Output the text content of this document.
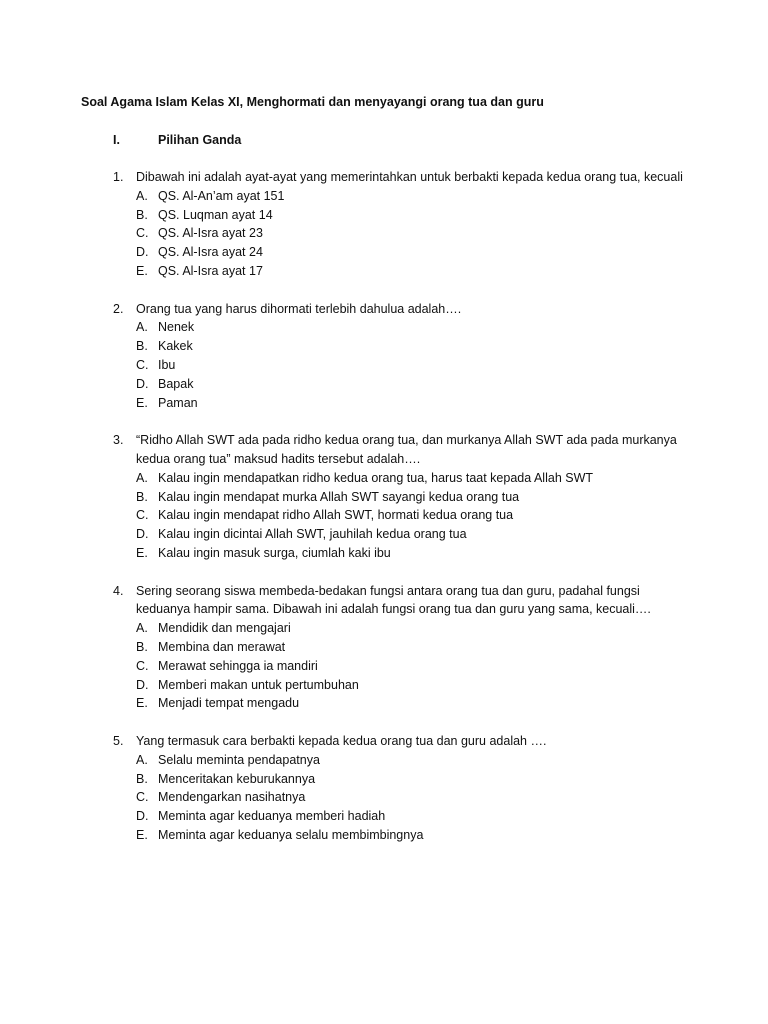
Soal Agama Islam Kelas XI, Menghormati dan menyayangi orang tua dan guru
I.	Pilihan Ganda
1.	Dibawah ini adalah ayat-ayat yang memerintahkan untuk berbakti kepada kedua orang tua, kecuali
A. QS. Al-An’am ayat 151
B. QS. Luqman ayat 14
C. QS. Al-Isra ayat 23
D. QS. Al-Isra ayat 24
E. QS. Al-Isra ayat 17
2.	Orang tua yang harus dihormati terlebih dahulua adalah….
A. Nenek
B. Kakek
C. Ibu
D. Bapak
E. Paman
3.	“Ridho Allah SWT ada pada ridho kedua orang tua, dan murkanya Allah SWT ada pada murkanya kedua orang tua” maksud hadits tersebut adalah….
A. Kalau ingin mendapatkan ridho kedua orang tua, harus taat kepada Allah SWT
B. Kalau ingin mendapat murka Allah SWT sayangi kedua orang tua
C. Kalau ingin mendapat ridho Allah SWT, hormati kedua orang tua
D. Kalau ingin dicintai Allah SWT, jauhilah kedua orang tua
E. Kalau ingin masuk surga, ciumlah kaki ibu
4.	Sering seorang siswa membeda-bedakan fungsi antara orang tua dan guru, padahal fungsi keduanya hampir sama. Dibawah ini adalah fungsi orang tua dan guru yang sama, kecuali….
A. Mendidik dan mengajari
B. Membina dan merawat
C. Merawat sehingga ia mandiri
D. Memberi makan untuk pertumbuhan
E. Menjadi tempat mengadu
5.	Yang termasuk cara berbakti kepada kedua orang tua dan guru adalah ….
A. Selalu meminta pendapatnya
B. Menceritakan keburukannya
C. Mendengarkan nasihatnya
D. Meminta agar keduanya memberi hadiah
E. Meminta agar keduanya selalu membimbingnya
